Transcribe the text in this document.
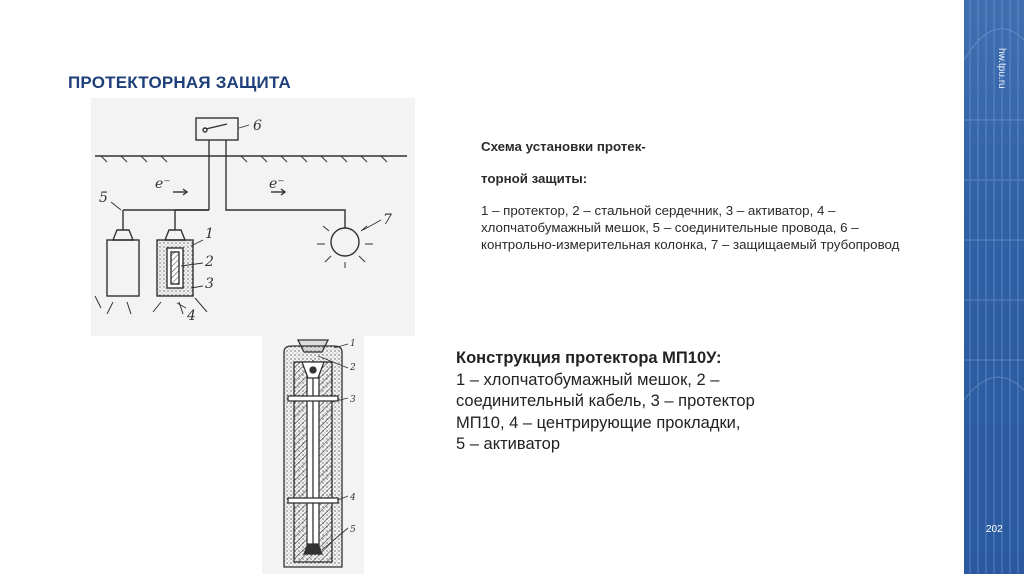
ПРОТЕКТОРНАЯ ЗАЩИТА
1
2
3
4
5
6
7
e⁻	e⁻
1
2
3
4
5

Схема установки протек-

торной защиты:

1 – протектор, 2 – стальной сердечник, 3 – активатор, 4 – хлопчатобумажный мешок, 5 – соединительные провода, 6 – контрольно-измерительная колонка, 7 – защищаемый трубопровод

Конструкция протектора МП10У:
1 – хлопчатобумажный мешок, 2 –
соединительный кабель, 3 – протектор
МП10, 4 – центрирующие прокладки,
5 – активатор
hw.tpu.ru
202
